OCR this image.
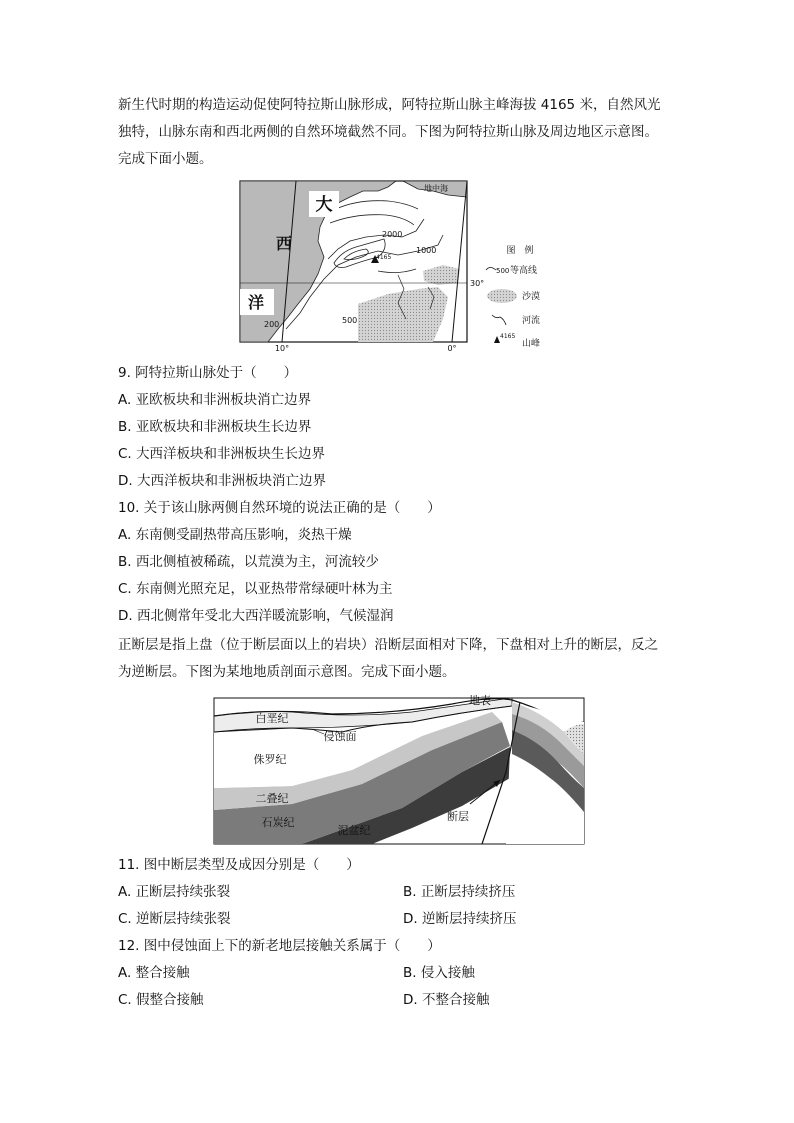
新生代时期的构造运动促使阿特拉斯山脉形成，阿特拉斯山脉主峰海拔 4165 米，自然风光
独特，山脉东南和西北两侧的自然环境截然不同。下图为阿特拉斯山脉及周边地区示意图。
完成下面小题。
4165
大
西
洋
地中海
2000
1000
500
200
30°
10°	0°
图　例
500 等高线
沙漠
河流
4165
山峰
9. 阿特拉斯山脉处于（　　）
A. 亚欧板块和非洲板块消亡边界
B. 亚欧板块和非洲板块生长边界
C. 大西洋板块和非洲板块生长边界
D. 大西洋板块和非洲板块消亡边界
10. 关于该山脉两侧自然环境的说法正确的是（　　）
A. 东南侧受副热带高压影响，炎热干燥
B. 西北侧植被稀疏，以荒漠为主，河流较少
C. 东南侧光照充足，以亚热带常绿硬叶林为主
D. 西北侧常年受北大西洋暖流影响，气候湿润
正断层是指上盘（位于断层面以上的岩块）沿断层面相对下降，下盘相对上升的断层，反之
为逆断层。下图为某地地质剖面示意图。完成下面小题。
地表
白垩纪
侵蚀面
侏罗纪
二叠纪
石炭纪
泥盆纪
断层
11. 图中断层类型及成因分别是（　　）
A. 正断层持续张裂	B. 正断层持续挤压
C. 逆断层持续张裂	D. 逆断层持续挤压
12. 图中侵蚀面上下的新老地层接触关系属于（　　）
A. 整合接触	B. 侵入接触
C. 假整合接触	D. 不整合接触
